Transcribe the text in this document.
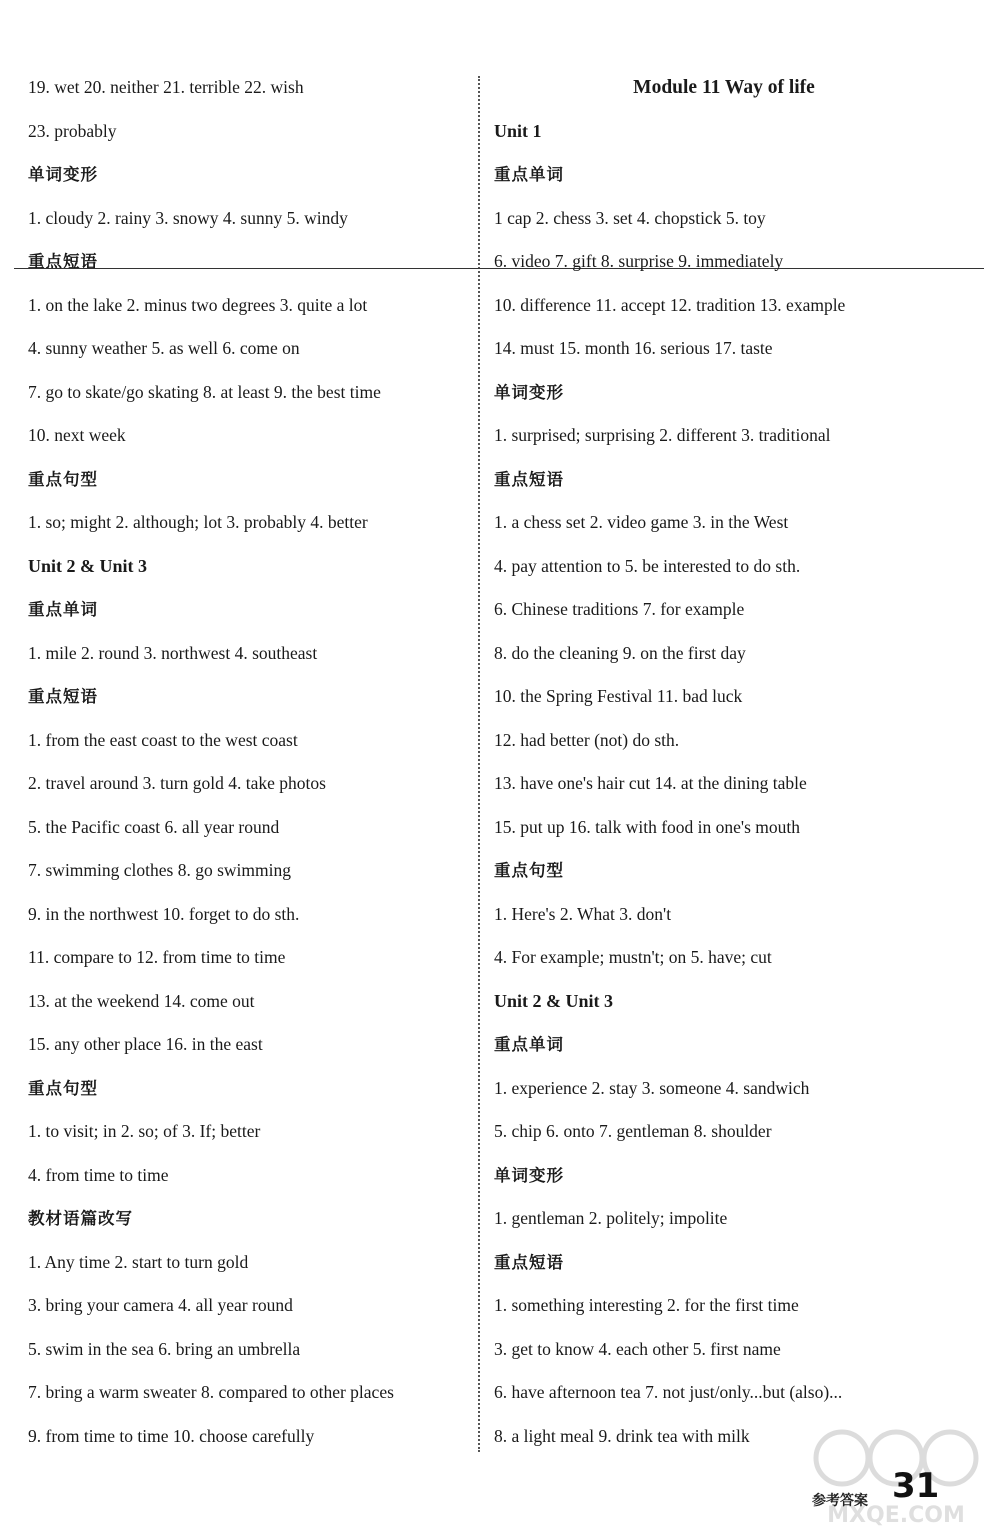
19. wet 20. neither 21. terrible 22. wish
23. probably
单词变形
1. cloudy 2. rainy 3. snowy 4. sunny 5. windy
重点短语
1. on the lake 2. minus two degrees 3. quite a lot
4. sunny weather 5. as well 6. come on
7. go to skate/go skating 8. at least 9. the best time
10. next week
重点句型
1. so; might 2. although; lot 3. probably 4. better
Unit 2 & Unit 3
重点单词
1. mile 2. round 3. northwest 4. southeast
重点短语
1. from the east coast to the west coast
2. travel around 3. turn gold 4. take photos
5. the Pacific coast 6. all year round
7. swimming clothes 8. go swimming
9. in the northwest 10. forget to do sth.
11. compare to 12. from time to time
13. at the weekend 14. come out
15. any other place 16. in the east
重点句型
1. to visit; in 2. so; of 3. If; better
4. from time to time
教材语篇改写
1. Any time 2. start to turn gold
3. bring your camera 4. all year round
5. swim in the sea 6. bring an umbrella
7. bring a warm sweater 8. compared to other places
9. from time to time 10. choose carefully
Module 11 Way of life
Unit 1
重点单词
1 cap 2. chess 3. set 4. chopstick 5. toy
6. video 7. gift 8. surprise 9. immediately
10. difference 11. accept 12. tradition 13. example
14. must 15. month 16. serious 17. taste
单词变形
1. surprised; surprising 2. different 3. traditional
重点短语
1. a chess set 2. video game 3. in the West
4. pay attention to 5. be interested to do sth.
6. Chinese traditions 7. for example
8. do the cleaning 9. on the first day
10. the Spring Festival 11. bad luck
12. had better (not) do sth.
13. have one's hair cut 14. at the dining table
15. put up 16. talk with food in one's mouth
重点句型
1. Here's 2. What 3. don't
4. For example; mustn't; on 5. have; cut
Unit 2 & Unit 3
重点单词
1. experience 2. stay 3. someone 4. sandwich
5. chip 6. onto 7. gentleman 8. shoulder
单词变形
1. gentleman 2. politely; impolite
重点短语
1. something interesting 2. for the first time
3. get to know 4. each other 5. first name
6. have afternoon tea 7. not just/only...but (also)...
8. a light meal 9. drink tea with milk
MXQE.COM
参考答案 31
